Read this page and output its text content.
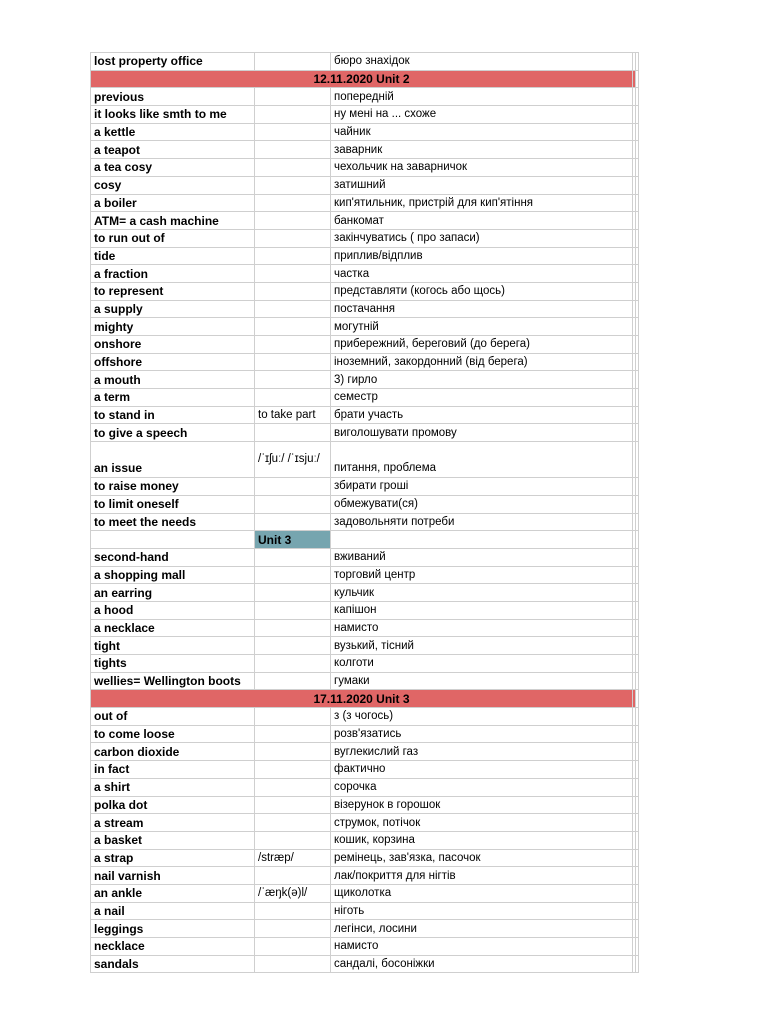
lost property office		бюро знахідок		
12.11.2020 Unit 2				
previous		попередній		
it looks like smth to me		ну мені на ... схоже		
a kettle		чайник		
a teapot		заварник		
a tea cosy		чехольчик на заварничок		
cosy		затишний		
a boiler		кип'ятильник, пристрій для кип'ятіння		
ATM= a cash machine		банкомат		
to run out of		закінчуватись ( про запаси)		
tide		приплив/відплив		
a fraction		частка		
to represent		представляти (когось або щось)		
a supply		постачання		
mighty		могутній		
onshore		прибережний, береговий (до берега)		
offshore		іноземний, закордонний (від берега)		
a mouth		3) гирло		
a term		семестр		
to stand in	to take part	брати участь		
to give a speech		виголошувати промову		
an issue	/ˈɪʃuː/ /ˈɪsjuː/	питання, проблема		
to raise money		збирати гроші		
to limit oneself		обмежувати(ся)		
to meet the needs		задовольняти потреби		
	Unit 3			
second-hand		вживаний		
a shopping mall		торговий центр		
an earring		кульчик		
a hood		капішон		
a necklace		намисто		
tight		вузький, тісний		
tights		колготи		
wellies= Wellington boots		гумаки		
17.11.2020 Unit 3				
out of		з (з чогось)		
to come loose		розв'язатись		
carbon dioxide		вуглекислий газ		
in fact		фактично		
a shirt		сорочка		
polka dot		візерунок в горошок		
a stream		струмок, потічок		
a basket		кошик, корзина		
a strap	/stræp/	ремінець, зав'язка, пасочок		
nail varnish		лак/покриття для нігтів		
an ankle	/ˈæŋk(ə)l/	щиколотка		
a nail		ніготь		
leggings		легінси, лосини		
necklace		намисто		
sandals		сандалі, босоніжки		
